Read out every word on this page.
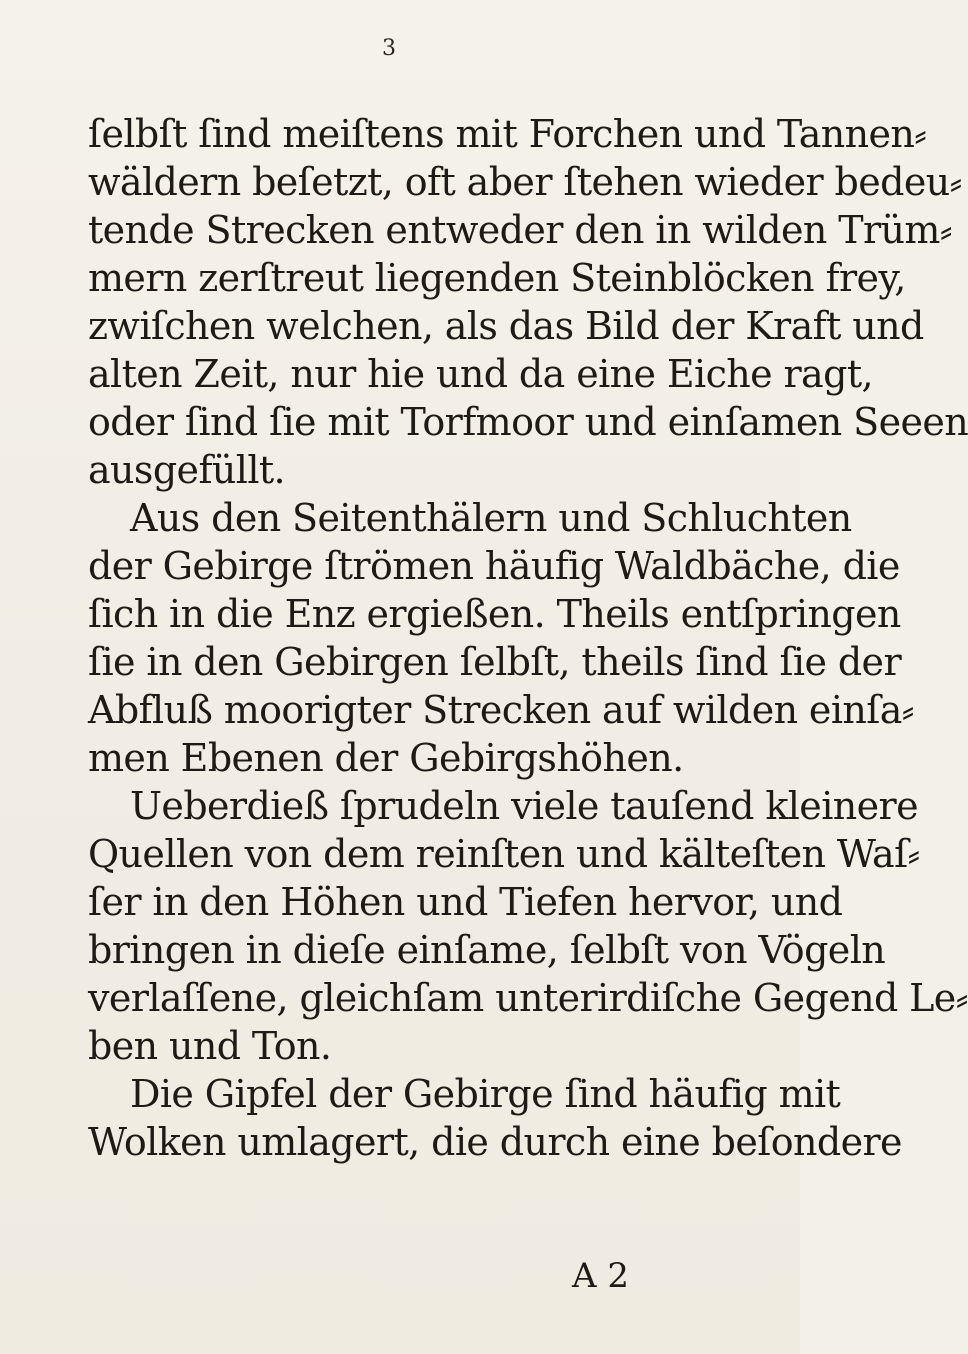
3
ſelbſt ſind meiſtens mit Forchen und Tannen⸗
wäldern beſetzt, oft aber ſtehen wieder bedeu⸗
tende Strecken entweder den in wilden Trüm⸗
mern zerſtreut liegenden Steinblöcken frey,
zwiſchen welchen, als das Bild der Kraft und
alten Zeit, nur hie und da eine Eiche ragt,
oder ſind ſie mit Torfmoor und einſamen Seeen
ausgefüllt.
Aus den Seitenthälern und Schluchten
der Gebirge ſtrömen häufig Waldbäche, die
ſich in die Enz ergießen. Theils entſpringen
ſie in den Gebirgen ſelbſt, theils ſind ſie der
Abfluß moorigter Strecken auf wilden einſa⸗
men Ebenen der Gebirgshöhen.
Ueberdieß ſprudeln viele tauſend kleinere
Quellen von dem reinſten und kälteſten Waſ⸗
ſer in den Höhen und Tiefen hervor, und
bringen in dieſe einſame, ſelbſt von Vögeln
verlaſſene, gleichſam unterirdiſche Gegend Le⸗
ben und Ton.
Die Gipfel der Gebirge ſind häufig mit
Wolken umlagert, die durch eine beſondere
A 2
